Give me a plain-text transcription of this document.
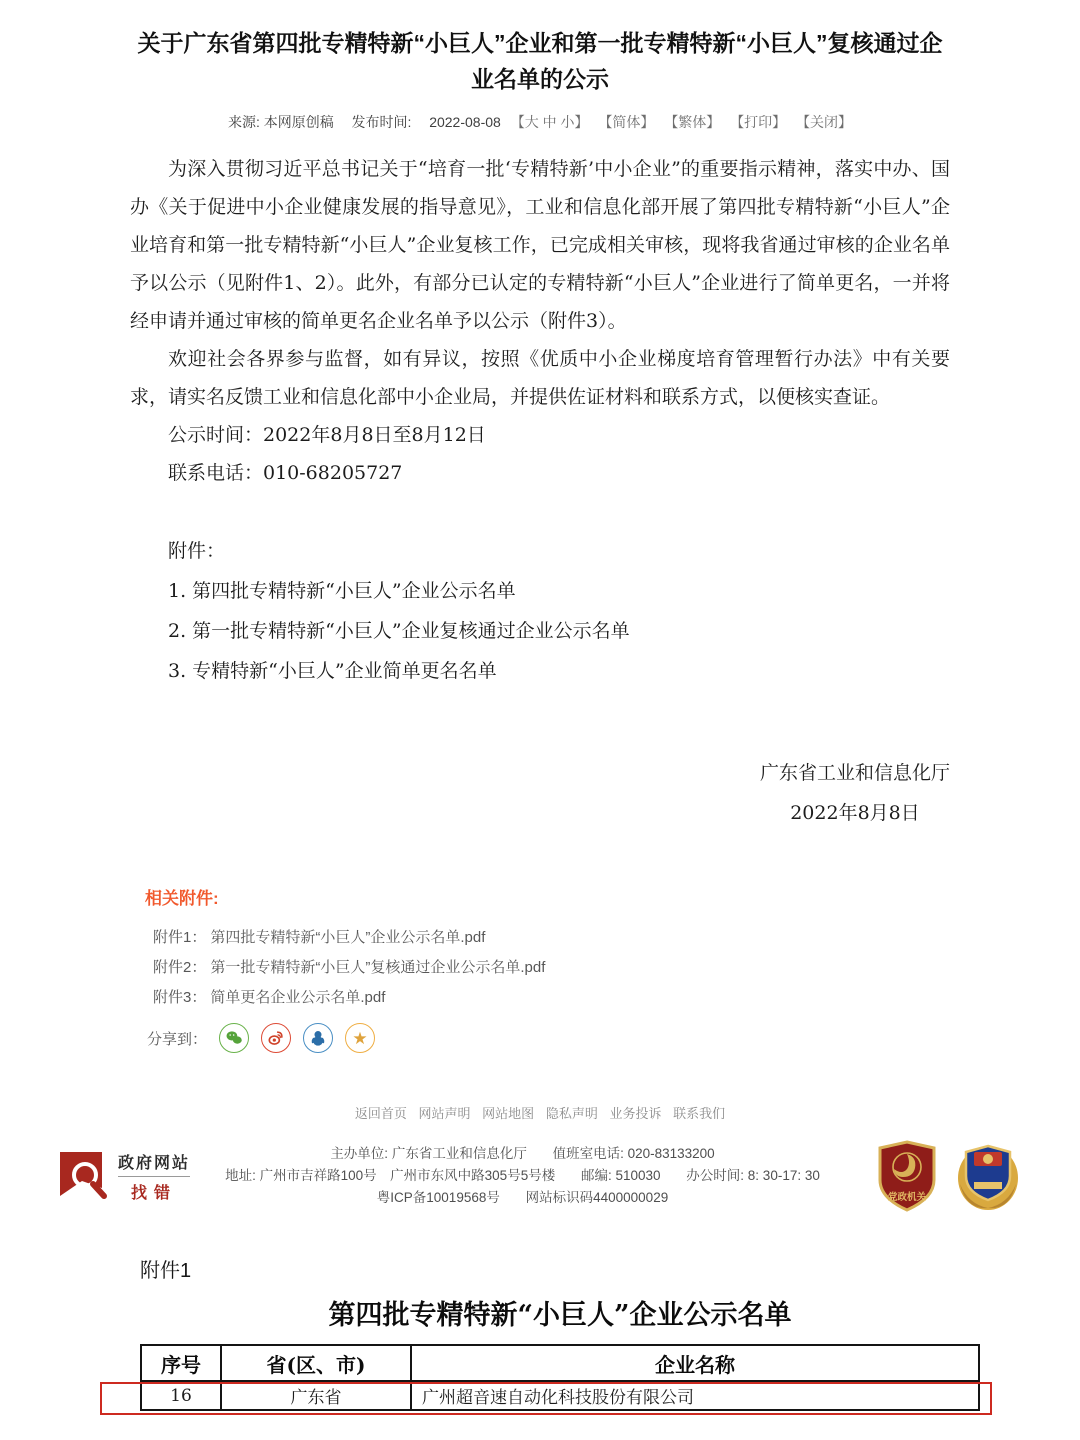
关于广东省第四批专精特新“小巨人”企业和第一批专精特新“小巨人”复核通过企业名单的公示
来源: 本网原创稿 发布时间: 2022-08-08 【大 中 小】 【简体】 【繁体】 【打印】 【关闭】

为深入贯彻习近平总书记关于“培育一批‘专精特新’中小企业”的重要指示精神，落实中办、国办《关于促进中小企业健康发展的指导意见》，工业和信息化部开展了第四批专精特新“小巨人”企业培育和第一批专精特新“小巨人”企业复核工作，已完成相关审核，现将我省通过审核的企业名单予以公示（见附件1、2）。此外，有部分已认定的专精特新“小巨人”企业进行了简单更名，一并将经申请并通过审核的简单更名企业名单予以公示（附件3）。

欢迎社会各界参与监督，如有异议，按照《优质中小企业梯度培育管理暂行办法》中有关要求，请实名反馈工业和信息化部中小企业局，并提供佐证材料和联系方式，以便核实查证。

公示时间：2022年8月8日至8月12日

联系电话：010-68205727

附件：

1. 第四批专精特新“小巨人”企业公示名单

2. 第一批专精特新“小巨人”企业复核通过企业公示名单

3. 专精特新“小巨人”企业简单更名名单

广东省工业和信息化厅
2022年8月8日

相关附件:

附件1： 第四批专精特新“小巨人”企业公示名单.pdf
附件2： 第一批专精特新“小巨人”复核通过企业公示名单.pdf
附件3： 简单更名企业公示名单.pdf
分享到：	★
返回首页 网站声明 网站地图 隐私声明 业务投诉 联系我们
政府网站
找错
主办单位: 广东省工业和信息化厅 值班室电话: 020-83133200
地址: 广州市吉祥路100号　广州市东风中路305号5号楼 邮编: 510030 办公时间: 8: 30-17: 30
粤ICP备10019568号 网站标识码4400000029	党政机关
附件1
第四批专精特新“小巨人”企业公示名单
序号	省(区、市)	企业名称
16	广东省	广州超音速自动化科技股份有限公司
